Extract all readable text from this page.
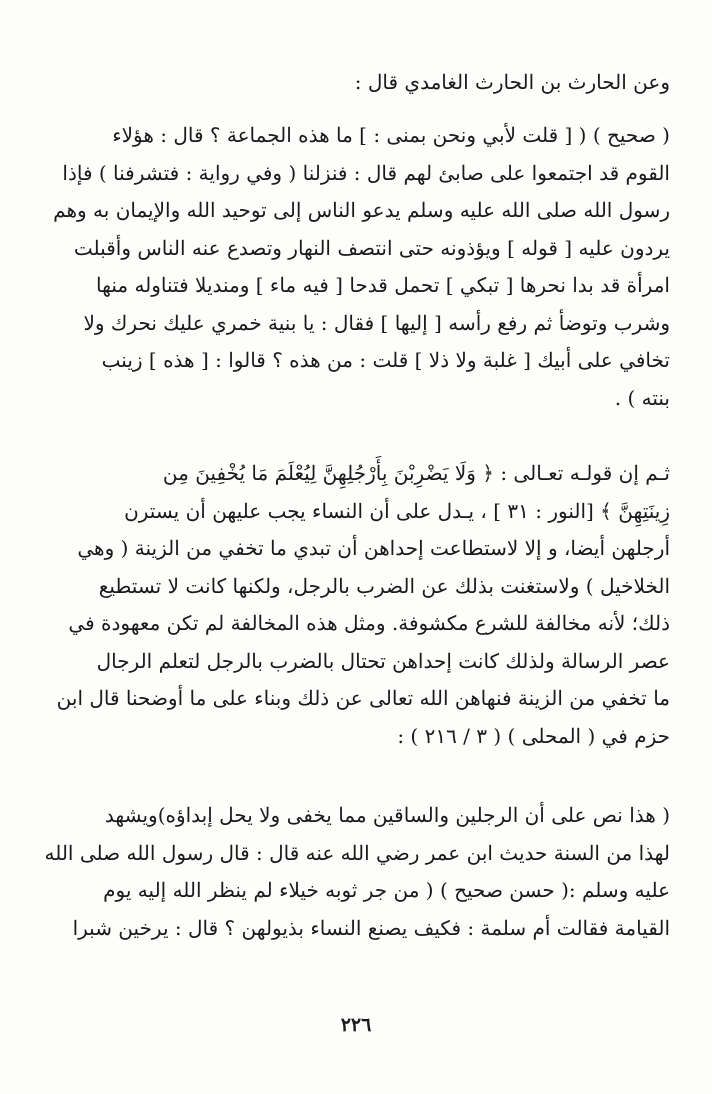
وعن الحارث بن الحارث الغامدي قال :

( صحيح ) ( [ قلت لأبي ونحن بمنى : ] ما هذه الجماعة ؟ قال : هؤلاء
القوم قد اجتمعوا على صابئ لهم قال : فنزلنا ( وفي رواية : فتشرفنا ) فإذا
رسول الله صلى الله عليه وسلم يدعو الناس إلى توحيد الله والإيمان به وهم
يردون عليه [ قوله ] ويؤذونه حتى انتصف النهار وتصدع عنه الناس وأقبلت
امرأة قد بدا نحرها [ تبكي ] تحمل قدحا [ فيه ماء ] ومنديلا فتناوله منها
وشرب وتوضأ ثم رفع رأسه [ إليها ] فقال : يا بنية خمري عليك نحرك ولا
تخافي على أبيك [ غلبة ولا ذلا ] قلت : من هذه ؟ قالوا : [ هذه ] زينب
بنته ) .

ثـم إن قولـه تعـالى : ﴿ وَلَا يَضْرِبْنَ بِأَرْجُلِهِنَّ لِيُعْلَمَ مَا يُخْفِينَ مِن
زِينَتِهِنَّ ﴾ [النور : ٣١ ] ، يـدل على أن النساء يجب عليهن أن يسترن
أرجلهن أيضا، و إلا لاستطاعت إحداهن أن تبدي ما تخفي من الزينة ( وهي
الخلاخيل ) ولاستغنت بذلك عن الضرب بالرجل، ولكنها كانت لا تستطيع
ذلك؛ لأنه مخالفة للشرع مكشوفة. ومثل هذه المخالفة لم تكن معهودة في
عصر الرسالة ولذلك كانت إحداهن تحتال بالضرب بالرجل لتعلم الرجال
ما تخفي من الزينة فنهاهن الله تعالى عن ذلك وبناء على ما أوضحنا قال ابن
حزم في ( المحلى ) ( ٣ / ٢١٦ ) :

( هذا نص على أن الرجلين والساقين مما يخفى ولا يحل إبداؤه)ويشهد
لهذا من السنة حديث ابن عمر رضي الله عنه قال : قال رسول الله صلى الله
عليه وسلم :( حسن صحيح ) ( من جر ثوبه خيلاء لم ينظر الله إليه يوم
القيامة فقالت أم سلمة : فكيف يصنع النساء بذيولهن ؟ قال : يرخين شبرا

٢٢٦
